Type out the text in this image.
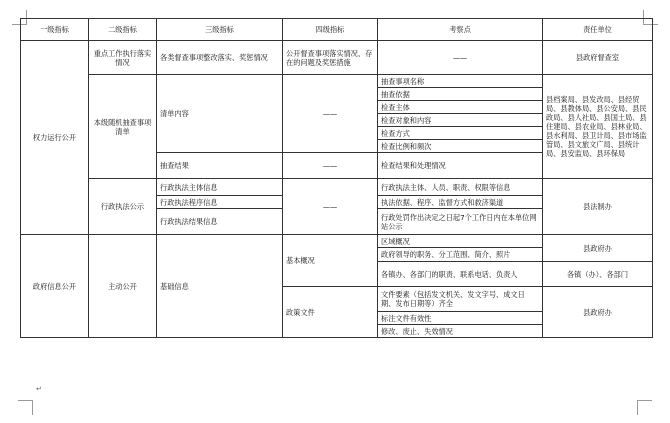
一级指标	二级指标	三级指标	四级指标	考察点	责任单位
权力运行公开	重点工作执行落实情况	各类督查事项整改落实、奖惩情况	公开督查事项落实情况、存在的问题及奖惩措施	——	县政府督查室
	本级随机抽查事项清单	清单内容	——	抽查事项名称	县档案局、县发改局、县经贸局、县教体局、县公安局、县民政局、县人社局、县国土局、县住建局、县农业局、县林业局、县水利局、县卫计局、县市场监管局、县文旅文广局、县统计局、县安监局、县环保局
				抽查依据	
				检查主体	
				检查对象和内容	
				检查方式	
				检查比例和频次	
		抽查结果	——	检查结果和处理情况	
	行政执法公示	行政执法主体信息	——	行政执法主体、人员、职责、权限等信息	县法制办
		行政执法程序信息		执法依据、程序、监督方式和救济渠道	
		行政执法结果信息		行政处罚作出决定之日起7个工作日内在本单位网站公示	
政府信息公开	主动公开	基础信息	基本概况	区域概况	县政府办
				政府领导的职务、分工范围、简介、照片	
				各镇办、各部门的职责、联系电话、负责人	各镇（办）、各部门
			政策文件	文件要素（包括发文机关、发文字号、成文日期、发布日期等）齐全	县政府办
				标注文件有效性	
				修改、废止、失效情况	
↵
